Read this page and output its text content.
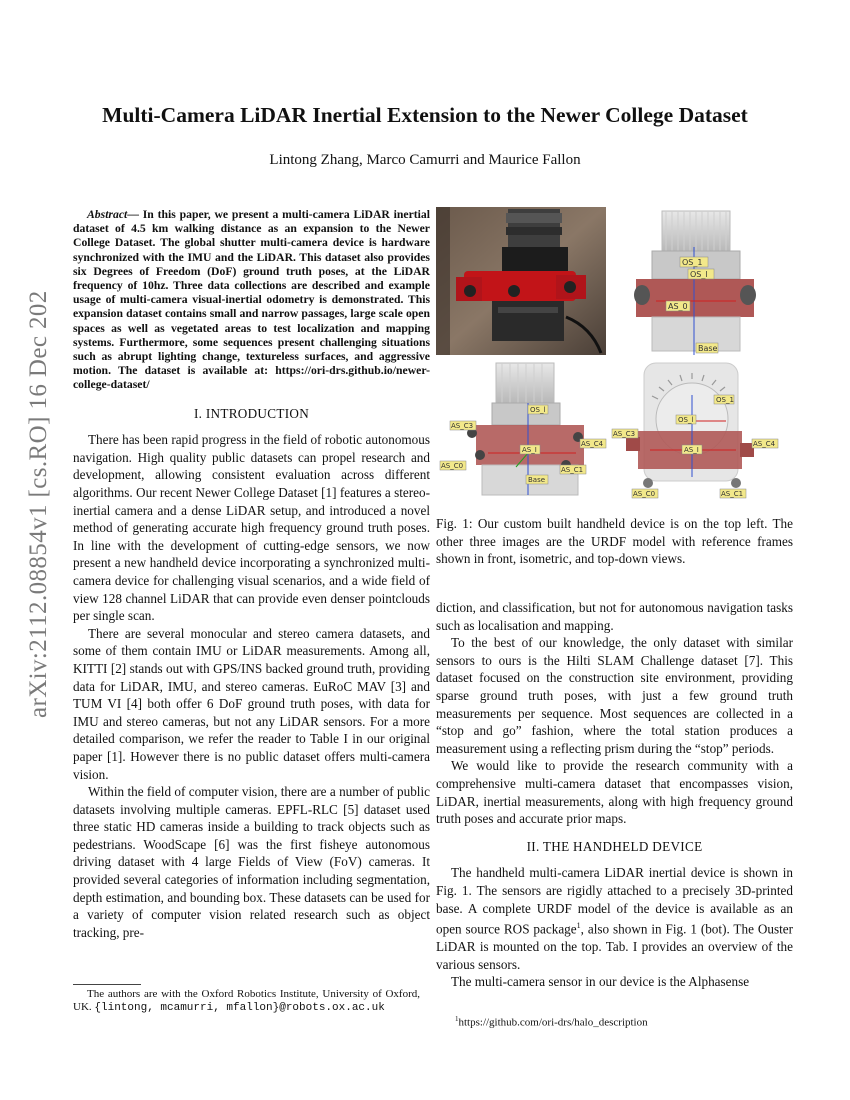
arXiv:2112.08854v1 [cs.RO] 16 Dec 2021
Multi-Camera LiDAR Inertial Extension to the Newer College Dataset
Lintong Zhang, Marco Camurri and Maurice Fallon

Abstract— In this paper, we present a multi-camera LiDAR inertial dataset of 4.5 km walking distance as an expansion to the Newer College Dataset. The global shutter multi-camera device is hardware synchronized with the IMU and the LiDAR. This dataset also provides six Degrees of Freedom (DoF) ground truth poses, at the LiDAR frequency of 10hz. Three data collections are described and example usage of multi-camera visual-inertial odometry is demonstrated. This expansion dataset contains small and narrow passages, large scale open spaces as well as vegetated areas to test localization and mapping systems. Furthermore, some sequences present challenging situations such as abrupt lighting change, textureless surfaces, and aggressive motion. The dataset is available at: https://ori-drs.github.io/newer-college-dataset/

I. INTRODUCTION

There has been rapid progress in the field of robotic autonomous navigation. High quality public datasets can propel research and development, allowing consistent evaluation across different algorithms. Our recent Newer College Dataset [1] features a stereo-inertial camera and a dense LiDAR setup, and introduced a novel method of generating accurate high frequency ground truth poses. In line with the development of cutting-edge sensors, we now present a new handheld device incorporating a synchronized multi-camera device for challenging visual scenarios, and a wide field of view 128 channel LiDAR that can provide even denser pointclouds per single scan.

There are several monocular and stereo camera datasets, and some of them contain IMU or LiDAR measurements. Among all, KITTI [2] stands out with GPS/INS backed ground truth, providing data for LiDAR, IMU, and stereo cameras. EuRoC MAV [3] and TUM VI [4] both offer 6 DoF ground truth poses, with data for IMU and stereo cameras, but not any LiDAR sensors. For a more detailed comparison, we refer the reader to Table I in our original paper [1]. However there is no public dataset offers multi-camera vision.

Within the field of computer vision, there are a number of public datasets involving multiple cameras. EPFL-RLC [5] dataset used three static HD cameras inside a building to track objects such as pedestrians. WoodScape [6] was the first fisheye autonomous driving dataset with 4 large Fields of View (FoV) cameras. It provided several categories of information including segmentation, depth estimation, and bounding box. These datasets can be used for a variety of computer vision related research such as object tracking, pre-

The authors are with the Oxford Robotics Institute, University of Oxford, UK. {lintong, mcamurri, mfallon}@robots.ox.ac.uk
OS_1
OS_l
AS_0
Base
AS_C3
AS_C4
AS_C0	AS_C1
AS_I
OS_l
Base
OS_1
OS_l
AS_C3
AS_C4
AS_I
AS_C0	AS_C1
Fig. 1: Our custom built handheld device is on the top left. The other three images are the URDF model with reference frames shown in front, isometric, and top-down views.

diction, and classification, but not for autonomous navigation tasks such as localisation and mapping.

To the best of our knowledge, the only dataset with similar sensors to ours is the Hilti SLAM Challenge dataset [7]. This dataset focused on the construction site environment, providing sparse ground truth poses, with just a few ground truth measurements per sequence. Most sequences are collected in a “stop and go” fashion, where the total station produces a measurement using a reflecting prism during the “stop” periods.

We would like to provide the research community with a comprehensive multi-camera dataset that encompasses vision, LiDAR, inertial measurements, along with high frequency ground truth poses and accurate prior maps.

II. THE HANDHELD DEVICE

The handheld multi-camera LiDAR inertial device is shown in Fig. 1. The sensors are rigidly attached to a precisely 3D-printed base. A complete URDF model of the device is available as an open source ROS package$^1$, also shown in Fig. 1 (bot). The Ouster LiDAR is mounted on the top. Tab. I provides an overview of the various sensors.

The multi-camera sensor in our device is the Alphasense

$^1$https://github.com/ori-drs/halo_description
